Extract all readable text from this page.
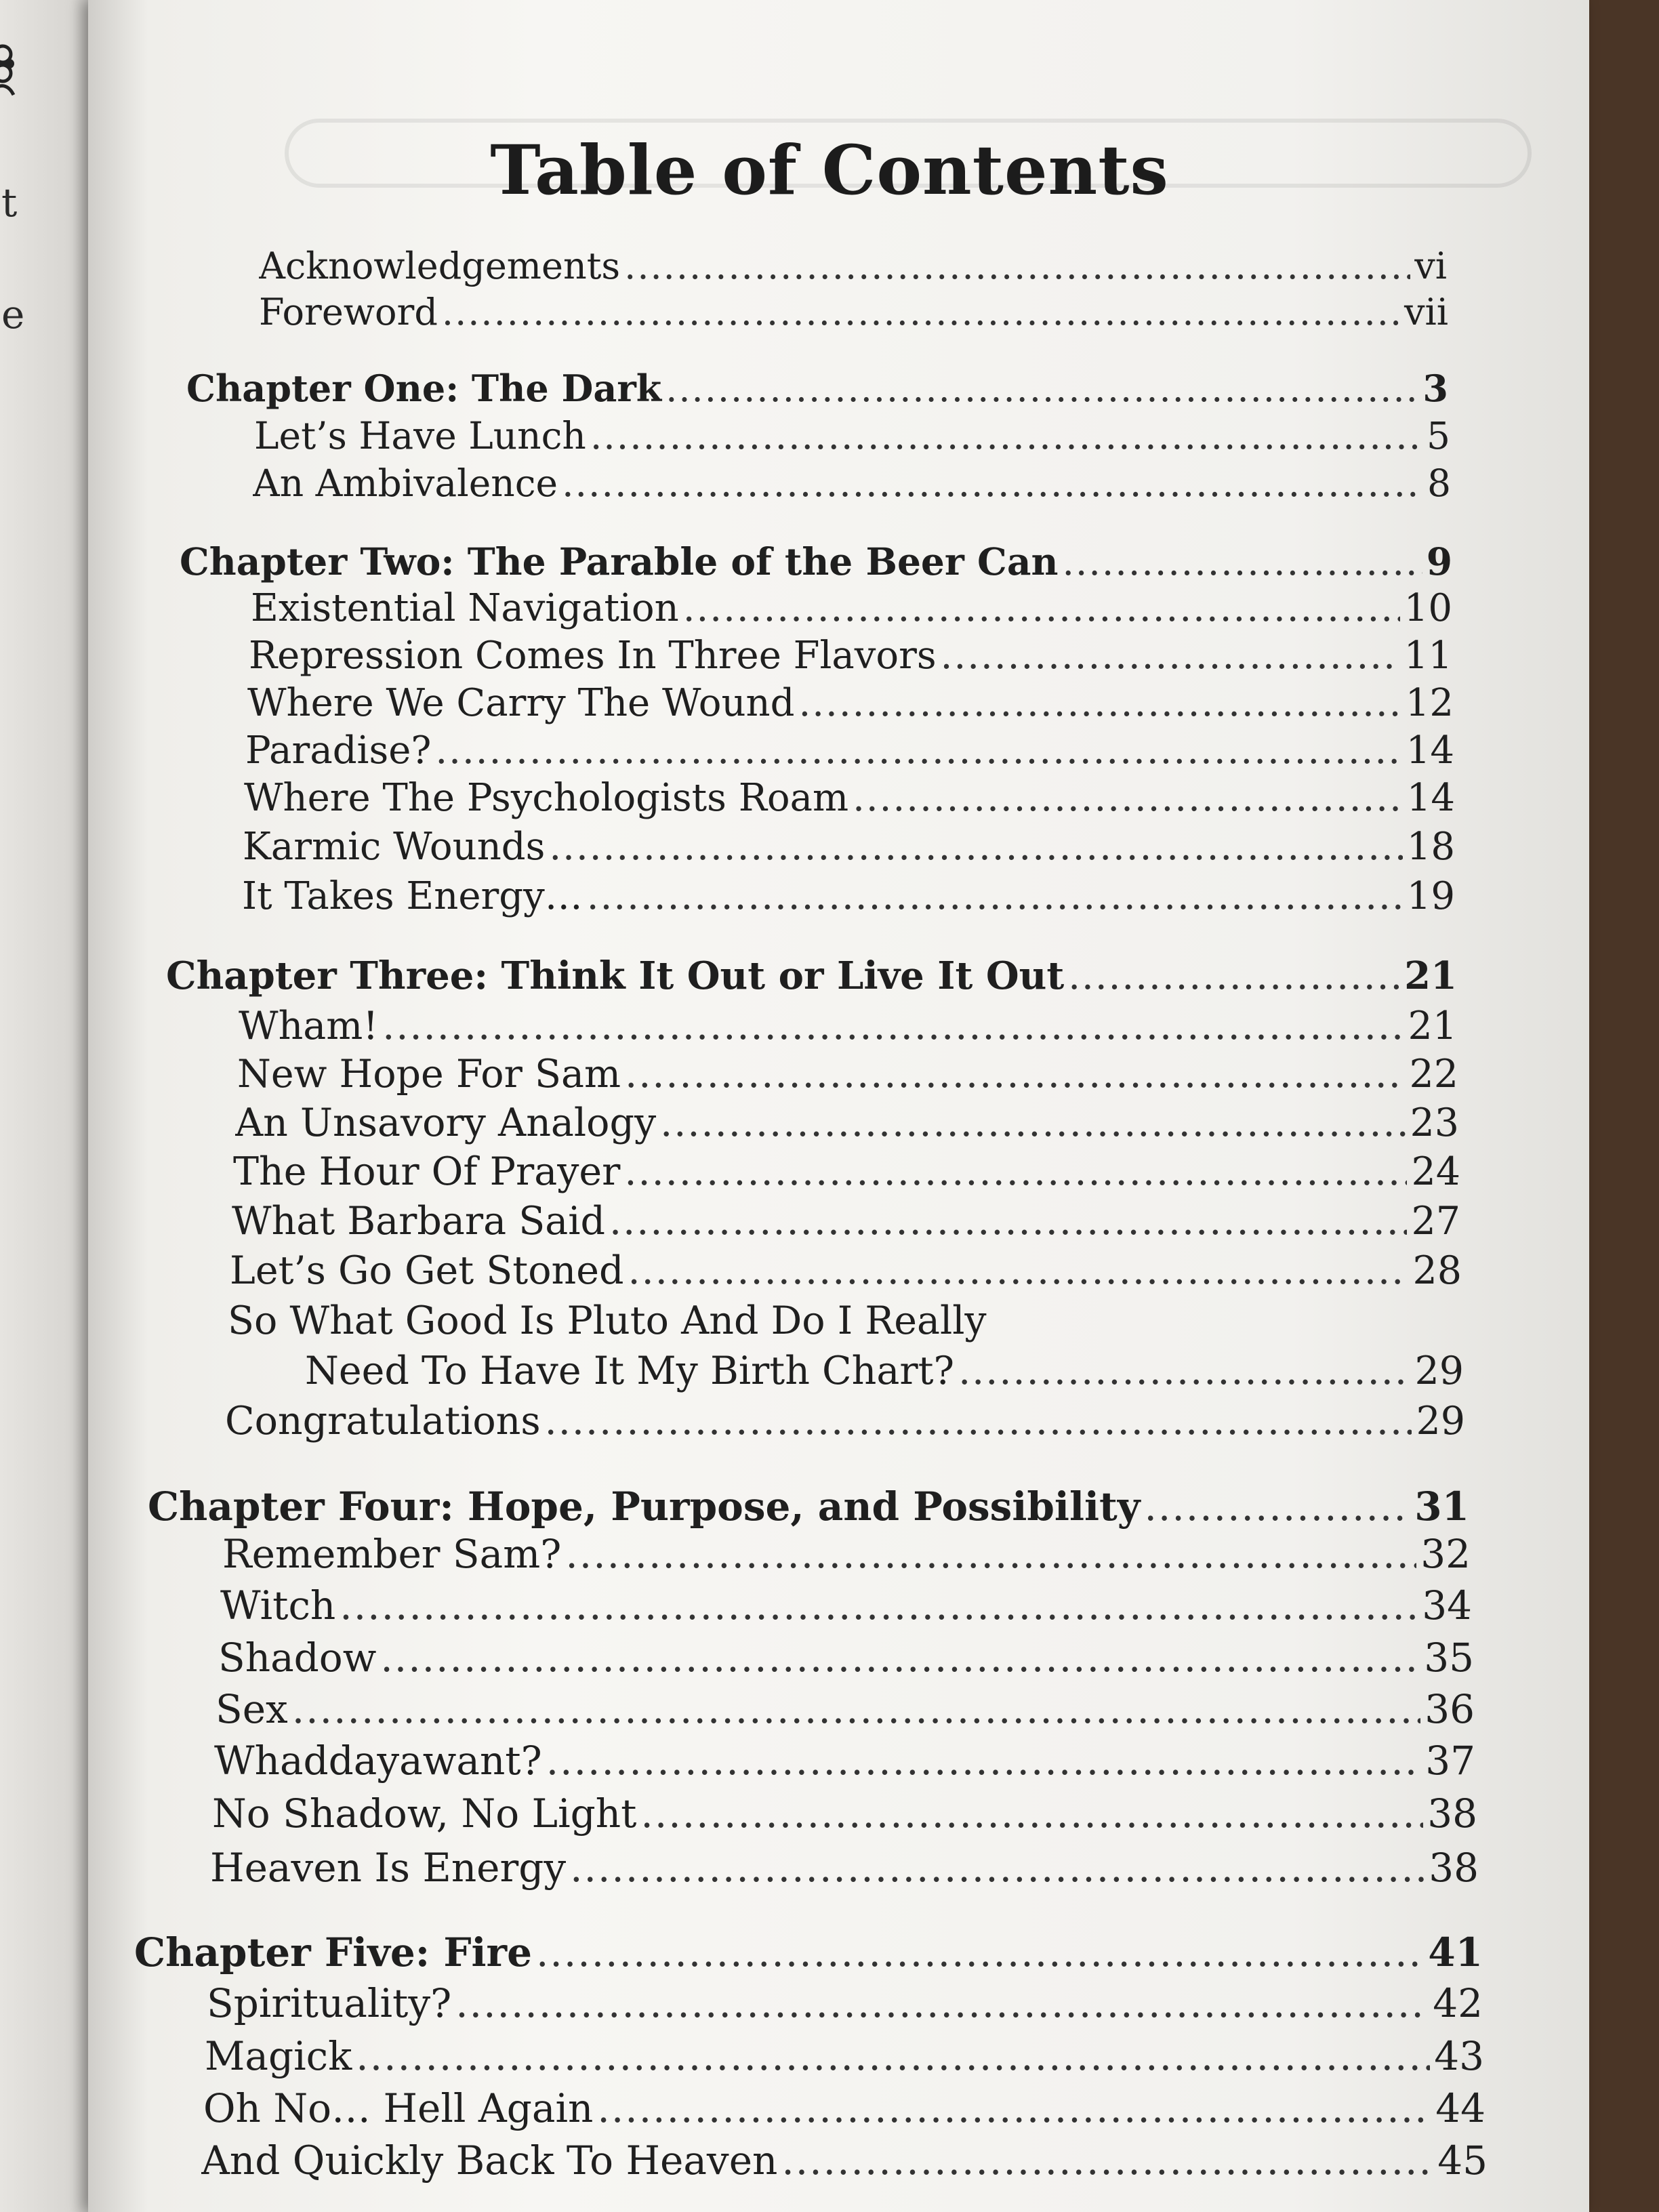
t
e
Table of Contents
Acknowledgements .....	vi
Foreword .....	vii
Chapter One: The Dark .....	3
Let’s Have Lunch .....	5
An Ambivalence .....	8
Chapter Two: The Parable of the Beer Can .....	9
Existential Navigation .....	10
Repression Comes In Three Flavors .....	11
Where We Carry The Wound .....	12
Paradise? .....	14
Where The Psychologists Roam .....	14
Karmic Wounds .....	18
It Takes Energy… .....	19
Chapter Three: Think It Out or Live It Out .....	21
Wham! .....	21
New Hope For Sam .....	22
An Unsavory Analogy .....	23
The Hour Of Prayer .....	24
What Barbara Said .....	27
Let’s Go Get Stoned .....	28
So What Good Is Pluto And Do I Really
Need To Have It My Birth Chart? .....	29
Congratulations .....	29
Chapter Four: Hope, Purpose, and Possibility .....	31
Remember Sam? .....	32
Witch .....	34
Shadow .....	35
Sex .....	36
Whaddayawant? .....	37
No Shadow, No Light .....	38
Heaven Is Energy .....	38
Chapter Five: Fire .....	41
Spirituality? .....	42
Magick .....	43
Oh No… Hell Again .....	44
And Quickly Back To Heaven .....	45
